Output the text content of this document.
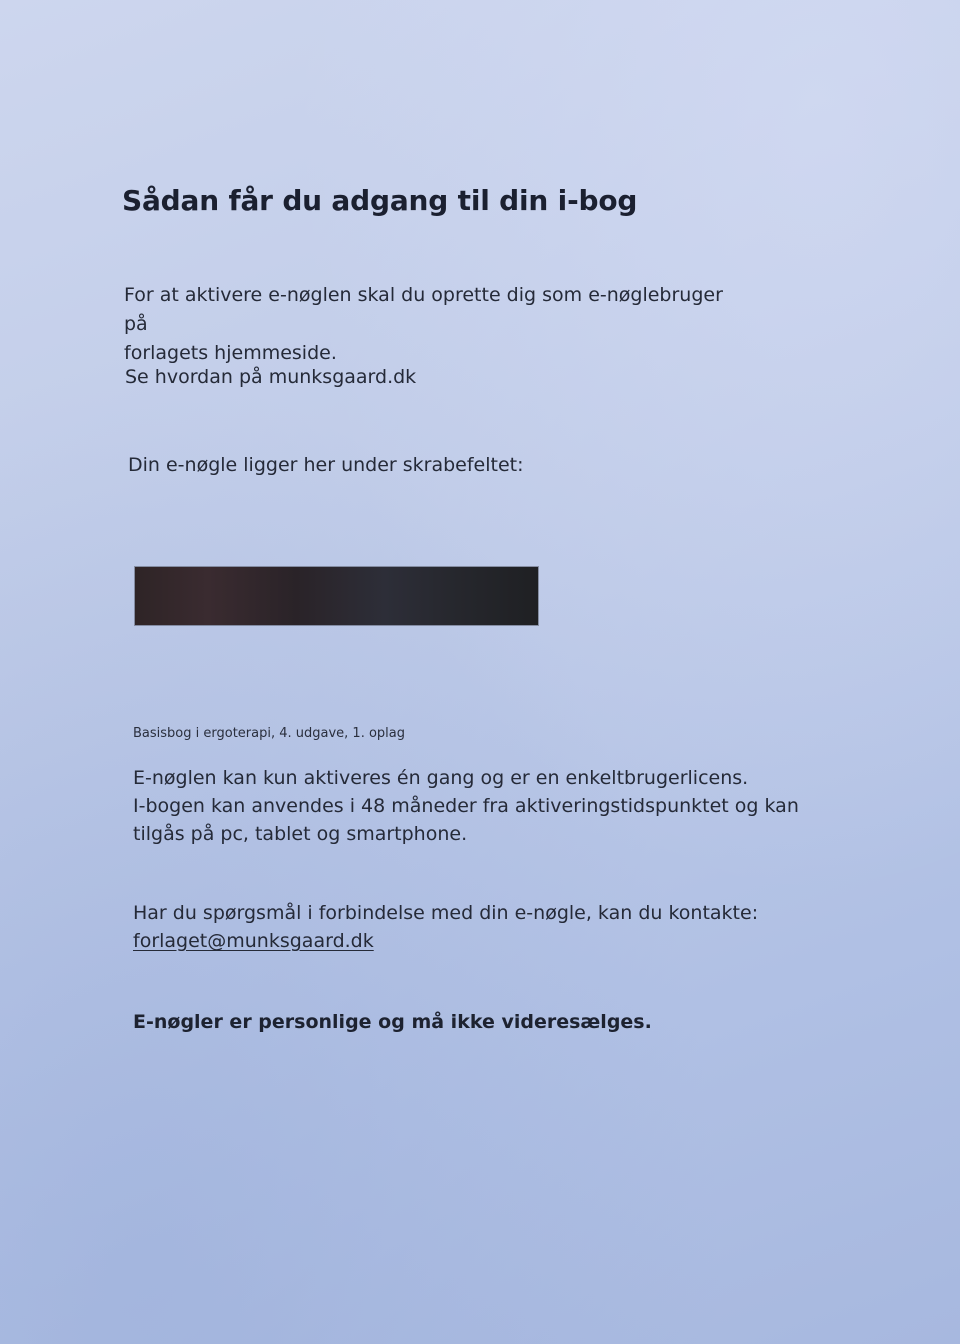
Sådan får du adgang til din i-bog
For at aktivere e-nøglen skal du oprette dig som e-nøglebruger på
forlagets hjemmeside.
Se hvordan på munksgaard.dk
Din e-nøgle ligger her under skrabefeltet:
Basisbog i ergoterapi, 4. udgave, 1. oplag
E-nøglen kan kun aktiveres én gang og er en enkeltbrugerlicens.
I-bogen kan anvendes i 48 måneder fra aktiveringstidspunktet og kan
tilgås på pc, tablet og smartphone.
Har du spørgsmål i forbindelse med din e-nøgle, kan du kontakte:
forlaget@munksgaard.dk
E-nøgler er personlige og må ikke videresælges.
